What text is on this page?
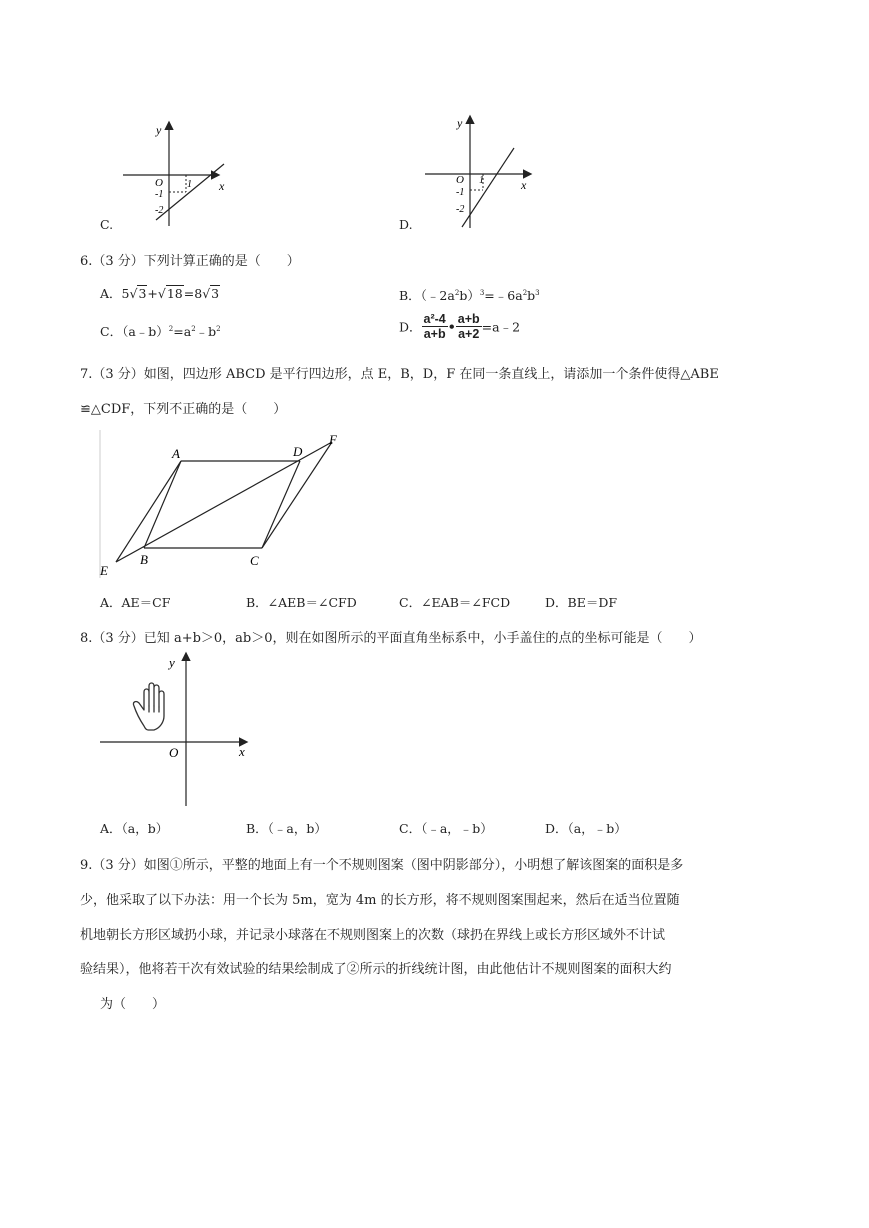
y
x
O 1
-1
-2
C.
y
x
O 1
-1
-2
D.
6.（3 分）下列计算正确的是（　　）
A．5√3+√18=8√3	B．$(﹣2a^2b)^3=﹣6a^2b^3$
C．$(a﹣b)^2=a^2﹣b^2$	D． $\frac{\text{a²-4}}{a+b}$ • $\frac{a+b}{a+2}$ =a﹣2
7.（3 分）如图，四边形 ABCD 是平行四边形，点 E，B，D，F 在同一条直线上，请添加一个条件使得△ABE
≌△CDF，下列不正确的是（　　）
A	D
F
B	C
E
A．AE＝CF	B．∠AEB＝∠CFD	C．∠EAB＝∠FCD	D．BE＝DF
8.（3 分）已知 a+b＞0，ab＞0，则在如图所示的平面直角坐标系中，小手盖住的点的坐标可能是（　　）
y
x
O
A．（a，b）	B．（﹣a，b）	C．（﹣a，﹣b）	D．（a，﹣b）
9.（3 分）如图①所示，平整的地面上有一个不规则图案（图中阴影部分），小明想了解该图案的面积是多
少，他采取了以下办法：用一个长为 5m，宽为 4m 的长方形，将不规则图案围起来，然后在适当位置随
机地朝长方形区域扔小球，并记录小球落在不规则图案上的次数（球扔在界线上或长方形区域外不计试
验结果），他将若干次有效试验的结果绘制成了②所示的折线统计图，由此他估计不规则图案的面积大约
为（　　）
